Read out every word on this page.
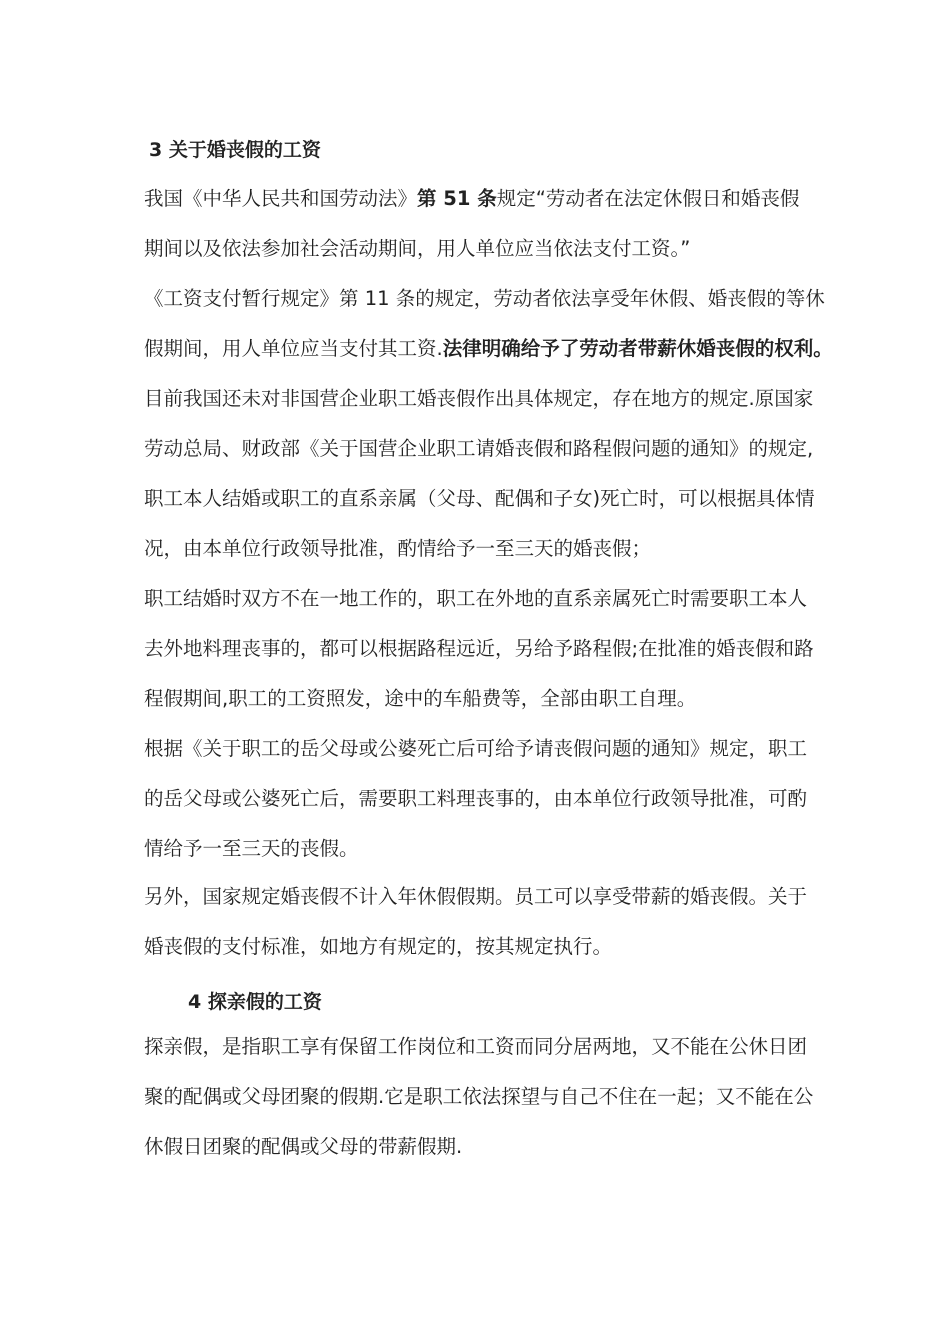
3 关于婚丧假的工资
我国《中华人民共和国劳动法》第 51 条规定“劳动者在法定休假日和婚丧假
期间以及依法参加社会活动期间，用人单位应当依法支付工资。”
《工资支付暂行规定》第 11 条的规定，劳动者依法享受年休假、婚丧假的等休
假期间，用人单位应当支付其工资.法律明确给予了劳动者带薪休婚丧假的权利。
目前我国还未对非国营企业职工婚丧假作出具体规定，存在地方的规定.原国家
劳动总局、财政部《关于国营企业职工请婚丧假和路程假问题的通知》的规定,
职工本人结婚或职工的直系亲属（父母、配偶和子女)死亡时，可以根据具体情
况，由本单位行政领导批准，酌情给予一至三天的婚丧假；
职工结婚时双方不在一地工作的，职工在外地的直系亲属死亡时需要职工本人
去外地料理丧事的，都可以根据路程远近，另给予路程假;在批准的婚丧假和路
程假期间,职工的工资照发，途中的车船费等，全部由职工自理。
根据《关于职工的岳父母或公婆死亡后可给予请丧假问题的通知》规定，职工
的岳父母或公婆死亡后，需要职工料理丧事的，由本单位行政领导批准，可酌
情给予一至三天的丧假。
另外，国家规定婚丧假不计入年休假假期。员工可以享受带薪的婚丧假。关于
婚丧假的支付标准，如地方有规定的，按其规定执行。
4 探亲假的工资
探亲假，是指职工享有保留工作岗位和工资而同分居两地，又不能在公休日团
聚的配偶或父母团聚的假期.它是职工依法探望与自己不住在一起；又不能在公
休假日团聚的配偶或父母的带薪假期.
